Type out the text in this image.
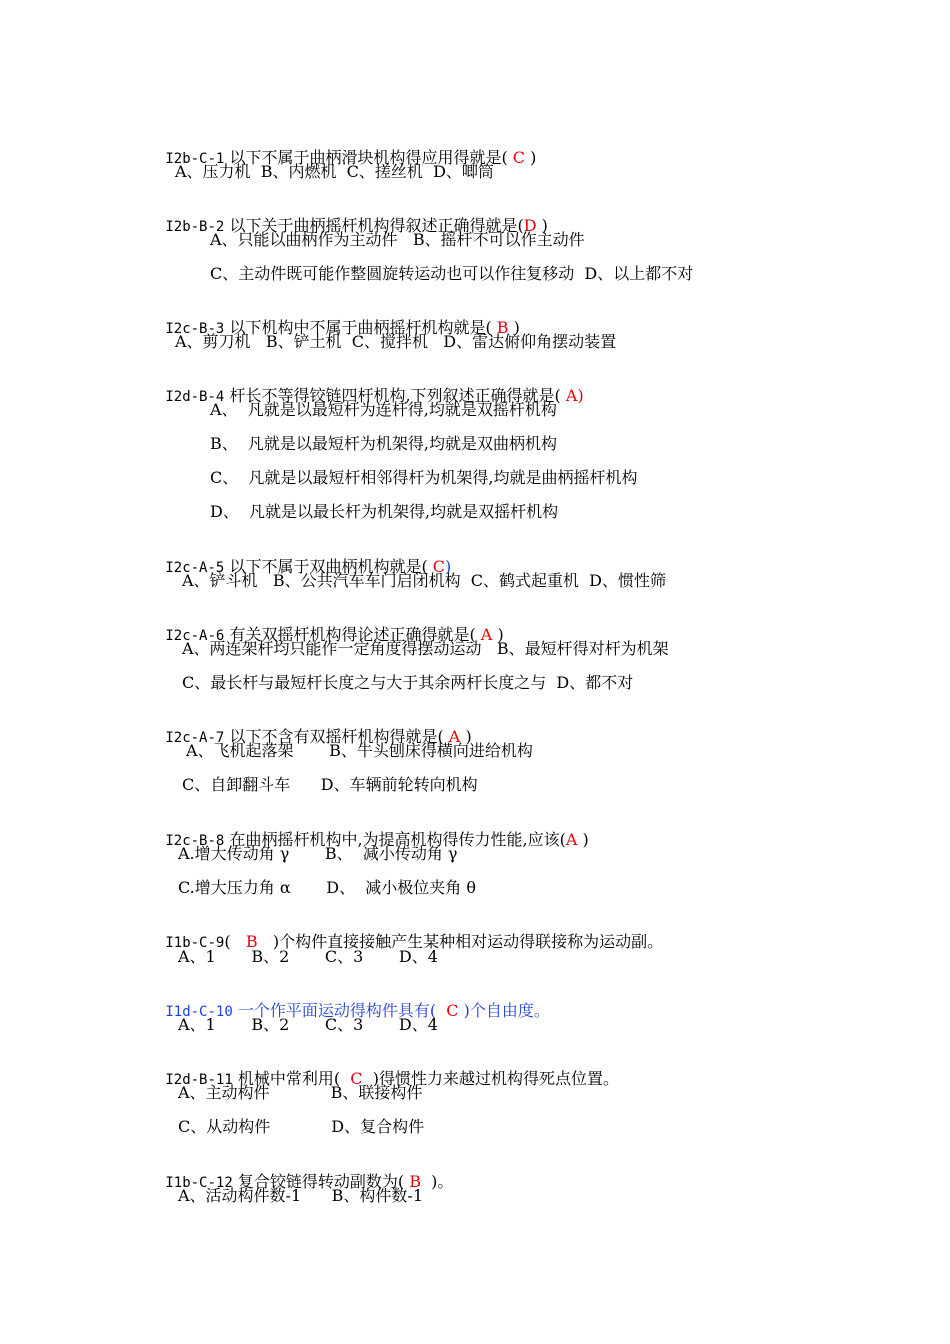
I2b-C-1 以下不属于曲柄滑块机构得应用得就是( C )

A、压力机  B、内燃机  C、搓丝机  D、唧筒

I2b-B-2 以下关于曲柄摇杆机构得叙述正确得就是(D )

A、只能以曲柄作为主动件   B、摇杆不可以作主动件
C、主动件既可能作整圆旋转运动也可以作往复移动  D、以上都不对

I2c-B-3 以下机构中不属于曲柄摇杆机构就是( B )

A、剪刀机   B、铲土机  C、搅拌机   D、雷达俯仰角摆动装置

I2d-B-4 杆长不等得铰链四杆机构,下列叙述正确得就是( A)

A、  凡就是以最短杆为连杆得,均就是双摇杆机构
B、  凡就是以最短杆为机架得,均就是双曲柄机构
C、  凡就是以最短杆相邻得杆为机架得,均就是曲柄摇杆机构
D、  凡就是以最长杆为机架得,均就是双摇杆机构

I2c-A-5 以下不属于双曲柄机构就是( C)

A、铲斗机   B、公共汽车车门启闭机构  C、鹤式起重机  D、惯性筛

I2c-A-6 有关双摇杆机构得论述正确得就是( A )

A、两连架杆均只能作一定角度得摆动运动   B、最短杆得对杆为机架
C、最长杆与最短杆长度之与大于其余两杆长度之与  D、都不对

I2c-A-7 以下不含有双摇杆机构得就是( A )

A、飞机起落架       B、牛头刨床得横向进给机构
C、自卸翻斗车      D、车辆前轮转向机构

I2c-B-8 在曲柄摇杆机构中,为提高机构得传力性能,应该(A )

A.增大传动角 γ       B、  减小传动角 γ
C.增大压力角 α       D、  减小极位夹角 θ

I1b-C-9( B )个构件直接接触产生某种相对运动得联接称为运动副。

A、1       B、2       C、3       D、4

I1d-C-10 一个作平面运动得构件具有( C )个自由度。

A、1       B、2       C、3       D、4

I2d-B-11 机械中常利用( C )得惯性力来越过机构得死点位置。

A、主动构件            B、联接构件
C、从动构件            D、复合构件

I1b-C-12 复合铰链得转动副数为( B )。

A、活动构件数-1      B、构件数-1
